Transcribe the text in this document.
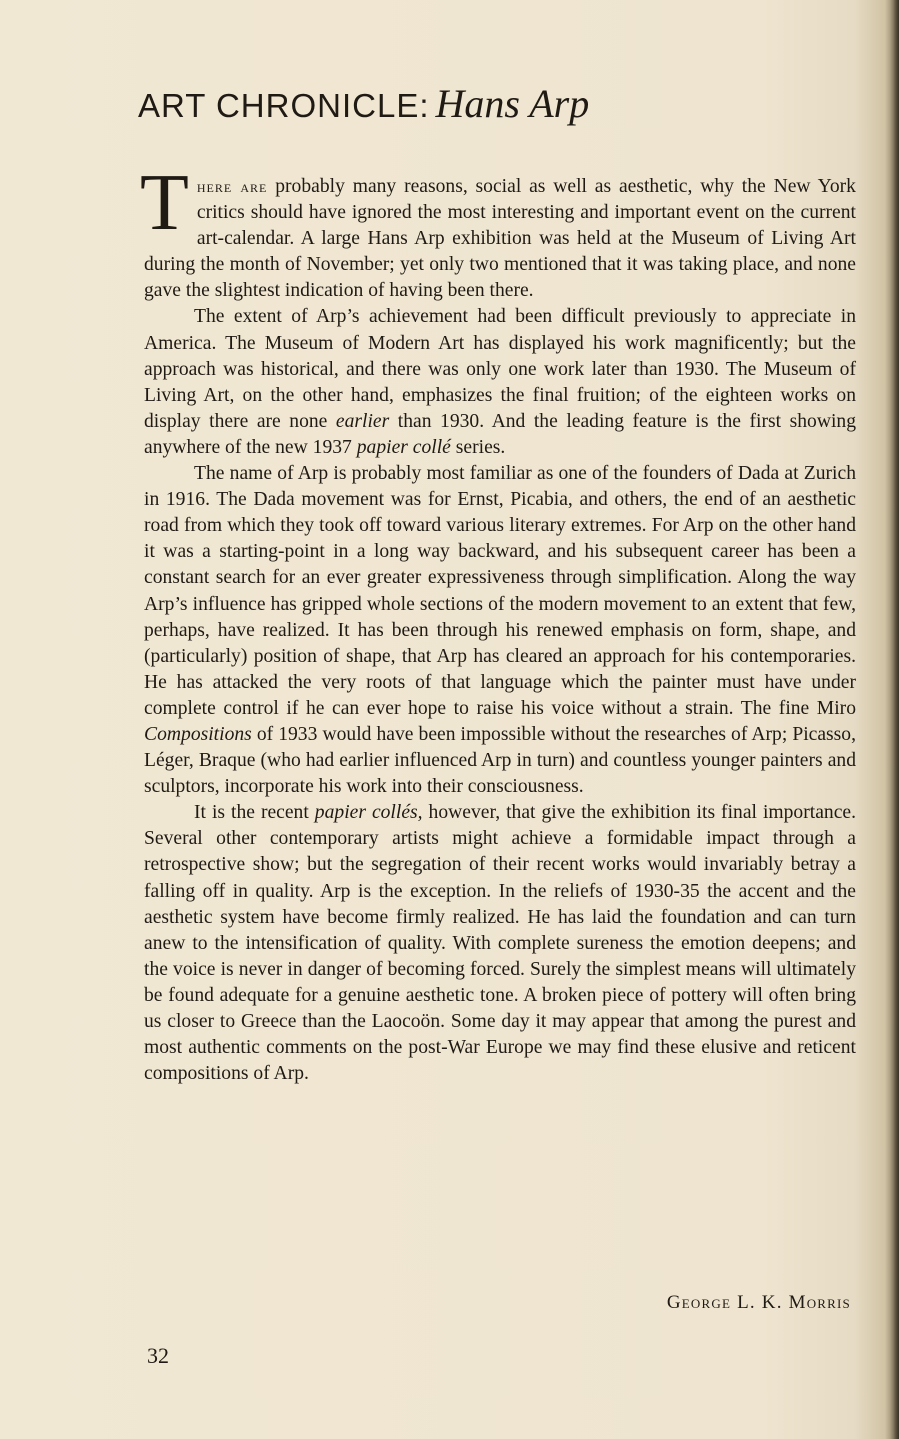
ART CHRONICLE: Hans Arp

There are probably many reasons, social as well as aesthetic, why the New York critics should have ignored the most interesting and important event on the current art-calendar. A large Hans Arp exhibition was held at the Museum of Living Art during the month of November; yet only two mentioned that it was taking place, and none gave the slightest indication of having been there.

The extent of Arp’s achievement had been difficult previously to appreciate in America. The Museum of Modern Art has displayed his work magnificently; but the approach was historical, and there was only one work later than 1930. The Museum of Living Art, on the other hand, emphasizes the final fruition; of the eighteen works on display there are none earlier than 1930. And the leading feature is the first showing anywhere of the new 1937 papier collé series.

The name of Arp is probably most familiar as one of the founders of Dada at Zurich in 1916. The Dada movement was for Ernst, Picabia, and others, the end of an aesthetic road from which they took off toward various literary extremes. For Arp on the other hand it was a starting-point in a long way backward, and his subsequent career has been a constant search for an ever greater expressiveness through simplification. Along the way Arp’s influence has gripped whole sections of the modern movement to an extent that few, perhaps, have realized. It has been through his renewed emphasis on form, shape, and (particularly) position of shape, that Arp has cleared an approach for his contemporaries. He has attacked the very roots of that language which the painter must have under complete control if he can ever hope to raise his voice without a strain. The fine Miro Compositions of 1933 would have been impossible without the researches of Arp; Picasso, Léger, Braque (who had earlier influenced Arp in turn) and countless younger painters and sculptors, incorporate his work into their consciousness.

It is the recent papier collés, however, that give the exhibition its final importance. Several other contemporary artists might achieve a formidable impact through a retrospective show; but the segregation of their recent works would invariably betray a falling off in quality. Arp is the exception. In the reliefs of 1930-35 the accent and the aesthetic system have become firmly realized. He has laid the foundation and can turn anew to the intensification of quality. With complete sureness the emotion deepens; and the voice is never in danger of becoming forced. Surely the simplest means will ultimately be found adequate for a genuine aesthetic tone. A broken piece of pottery will often bring us closer to Greece than the Laocoön. Some day it may appear that among the purest and most authentic comments on the post-War Europe we may find these elusive and reticent compositions of Arp.

George L. K. Morris
32
